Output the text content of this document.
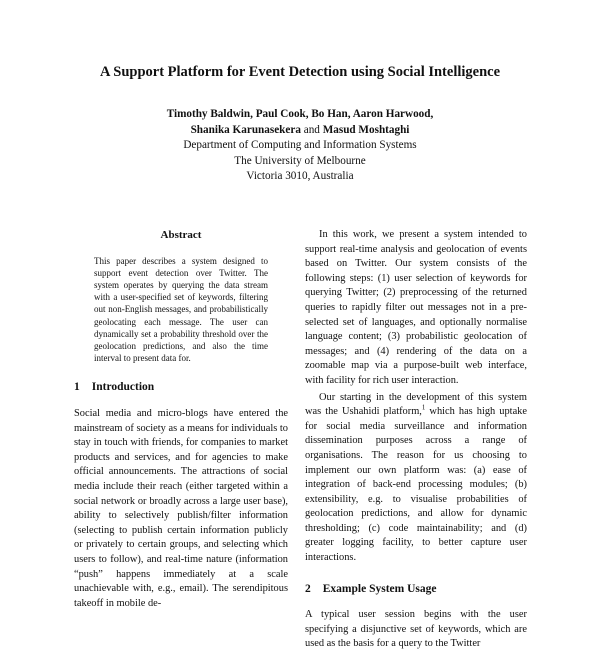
A Support Platform for Event Detection using Social Intelligence
Timothy Baldwin, Paul Cook, Bo Han, Aaron Harwood,
Shanika Karunasekera and Masud Moshtaghi
Department of Computing and Information Systems
The University of Melbourne
Victoria 3010, Australia
Abstract
This paper describes a system designed to support event detection over Twitter. The system operates by querying the data stream with a user-specified set of keywords, filtering out non-English messages, and probabilistically geolocating each message. The user can dynamically set a probability threshold over the geolocation predictions, and also the time interval to present data for.
1 Introduction
Social media and micro-blogs have entered the mainstream of society as a means for individuals to stay in touch with friends, for companies to market products and services, and for agencies to make official announcements. The attractions of social media include their reach (either targeted within a social network or broadly across a large user base), ability to selectively publish/filter information (selecting to publish certain information publicly or privately to certain groups, and selecting which users to follow), and real-time nature (information “push” happens immediately at a scale unachievable with, e.g., email). The serendipitous takeoff in mobile de-
In this work, we present a system intended to support real-time analysis and geolocation of events based on Twitter. Our system consists of the following steps: (1) user selection of keywords for querying Twitter; (2) preprocessing of the returned queries to rapidly filter out messages not in a pre-selected set of languages, and optionally normalise language content; (3) probabilistic geolocation of messages; and (4) rendering of the data on a zoomable map via a purpose-built web interface, with facility for rich user interaction.
Our starting in the development of this system was the Ushahidi platform,$^1$ which has high uptake for social media surveillance and information dissemination purposes across a range of organisations. The reason for us choosing to implement our own platform was: (a) ease of integration of back-end processing modules; (b) extensibility, e.g. to visualise probabilities of geolocation predictions, and allow for dynamic thresholding; (c) code maintainability; and (d) greater logging facility, to better capture user interactions.
2 Example System Usage
A typical user session begins with the user specifying a disjunctive set of keywords, which are used as the basis for a query to the Twitter
